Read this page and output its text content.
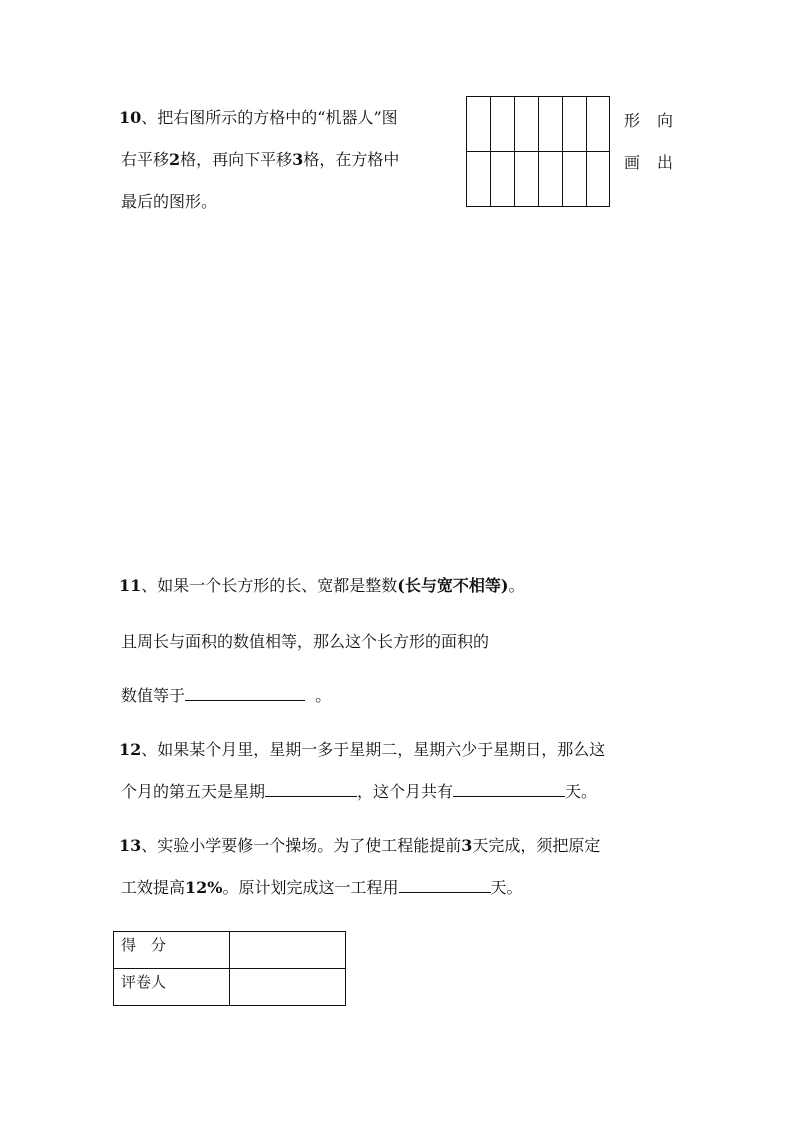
10、把右图所示的方格中的“机器人”图
右平移2格，再向下平移3格，在方格中
最后的图形。
形 向
画 出
11、如果一个长方形的长、宽都是整数(长与宽不相等)。
且周长与面积的数值相等，那么这个长方形的面积的
数值等于	。
12、如果某个月里，星期一多于星期二，星期六少于星期日，那么这
个月的第五天是星期	，这个月共有	天。
13、实验小学要修一个操场。为了使工程能提前3天完成，须把原定
工效提高12%。原计划完成这一工程用	天。
得　分	
评卷人	
